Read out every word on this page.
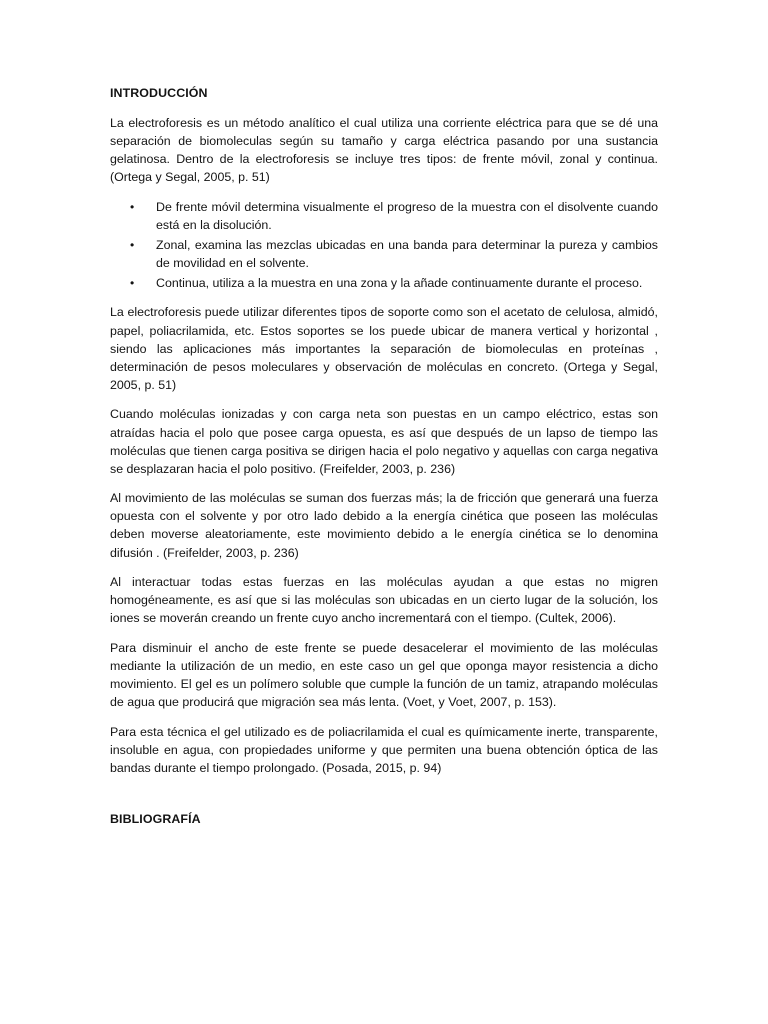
INTRODUCCIÓN

La electroforesis es un método analítico el cual utiliza una corriente eléctrica para que se dé una separación de biomoleculas según su tamaño y carga eléctrica pasando por una sustancia gelatinosa. Dentro de la electroforesis se incluye tres tipos: de frente móvil, zonal y continua. (Ortega y Segal, 2005, p. 51)

• De frente móvil determina visualmente el progreso de la muestra con el disolvente cuando está en la disolución.
• Zonal, examina las mezclas ubicadas en una banda para determinar la pureza y cambios de movilidad en el solvente.
• Continua, utiliza a la muestra en una zona y la añade continuamente durante el proceso.

La electroforesis puede utilizar diferentes tipos de soporte como son el acetato de celulosa, almidó, papel, poliacrilamida, etc. Estos soportes se los puede ubicar de manera vertical y horizontal , siendo las aplicaciones más importantes la separación de biomoleculas en proteínas , determinación de pesos moleculares y observación de moléculas en concreto. (Ortega y Segal, 2005, p. 51)

Cuando moléculas ionizadas y con carga neta son puestas en un campo eléctrico, estas son atraídas hacia el polo que posee carga opuesta, es así que después de un lapso de tiempo las moléculas que tienen carga positiva se dirigen hacia el polo negativo y aquellas con carga negativa se desplazaran hacia el polo positivo. (Freifelder, 2003, p. 236)

Al movimiento de las moléculas se suman dos fuerzas más; la de fricción que generará una fuerza opuesta con el solvente y por otro lado debido a la energía cinética que poseen las moléculas deben moverse aleatoriamente, este movimiento debido a le energía cinética se lo denomina difusión . (Freifelder, 2003, p. 236)

Al interactuar todas estas fuerzas en las moléculas ayudan a que estas no migren homogéneamente, es así que si las moléculas son ubicadas en un cierto lugar de la solución, los iones se moverán creando un frente cuyo ancho incrementará con el tiempo. (Cultek, 2006).

Para disminuir el ancho de este frente se puede desacelerar el movimiento de las moléculas mediante la utilización de un medio, en este caso un gel que oponga mayor resistencia a dicho movimiento. El gel es un polímero soluble que cumple la función de un tamiz, atrapando moléculas de agua que producirá que migración sea más lenta. (Voet, y Voet, 2007, p. 153).

Para esta técnica el gel utilizado es de poliacrilamida el cual es químicamente inerte, transparente, insoluble en agua, con propiedades uniforme y que permiten una buena obtención óptica de las bandas durante el tiempo prolongado. (Posada, 2015, p. 94)

BIBLIOGRAFÍA
